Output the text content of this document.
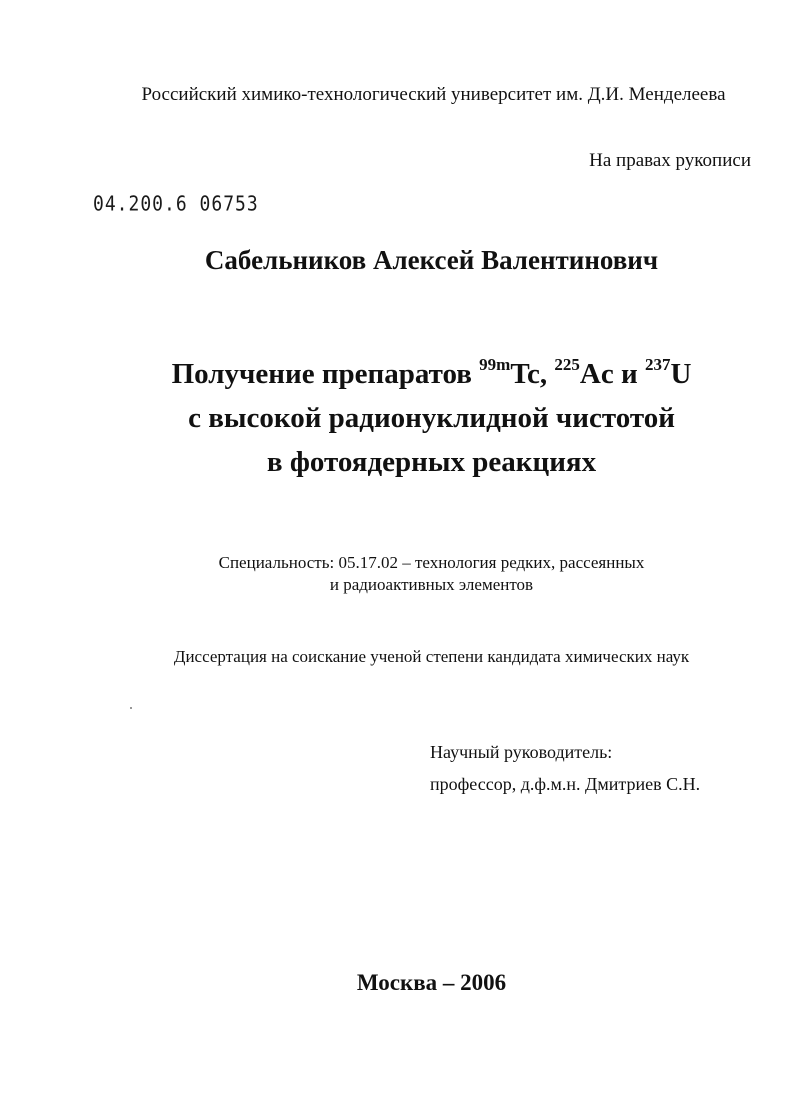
Российский химико-технологический университет им. Д.И. Менделеева
На правах рукописи
04.200.6 06753
Сабельников Алексей Валентинович
Получение препаратов $^{99m}$Tc, $^{225}$Ac и $^{237}$U
с высокой радионуклидной чистотой
в фотоядерных реакциях
Специальность: 05.17.02 – технология редких, рассеянных
и радиоактивных элементов
Диссертация на соискание ученой степени кандидата химических наук
Научный руководитель:
профессор, д.ф.м.н. Дмитриев С.Н.
Москва – 2006
